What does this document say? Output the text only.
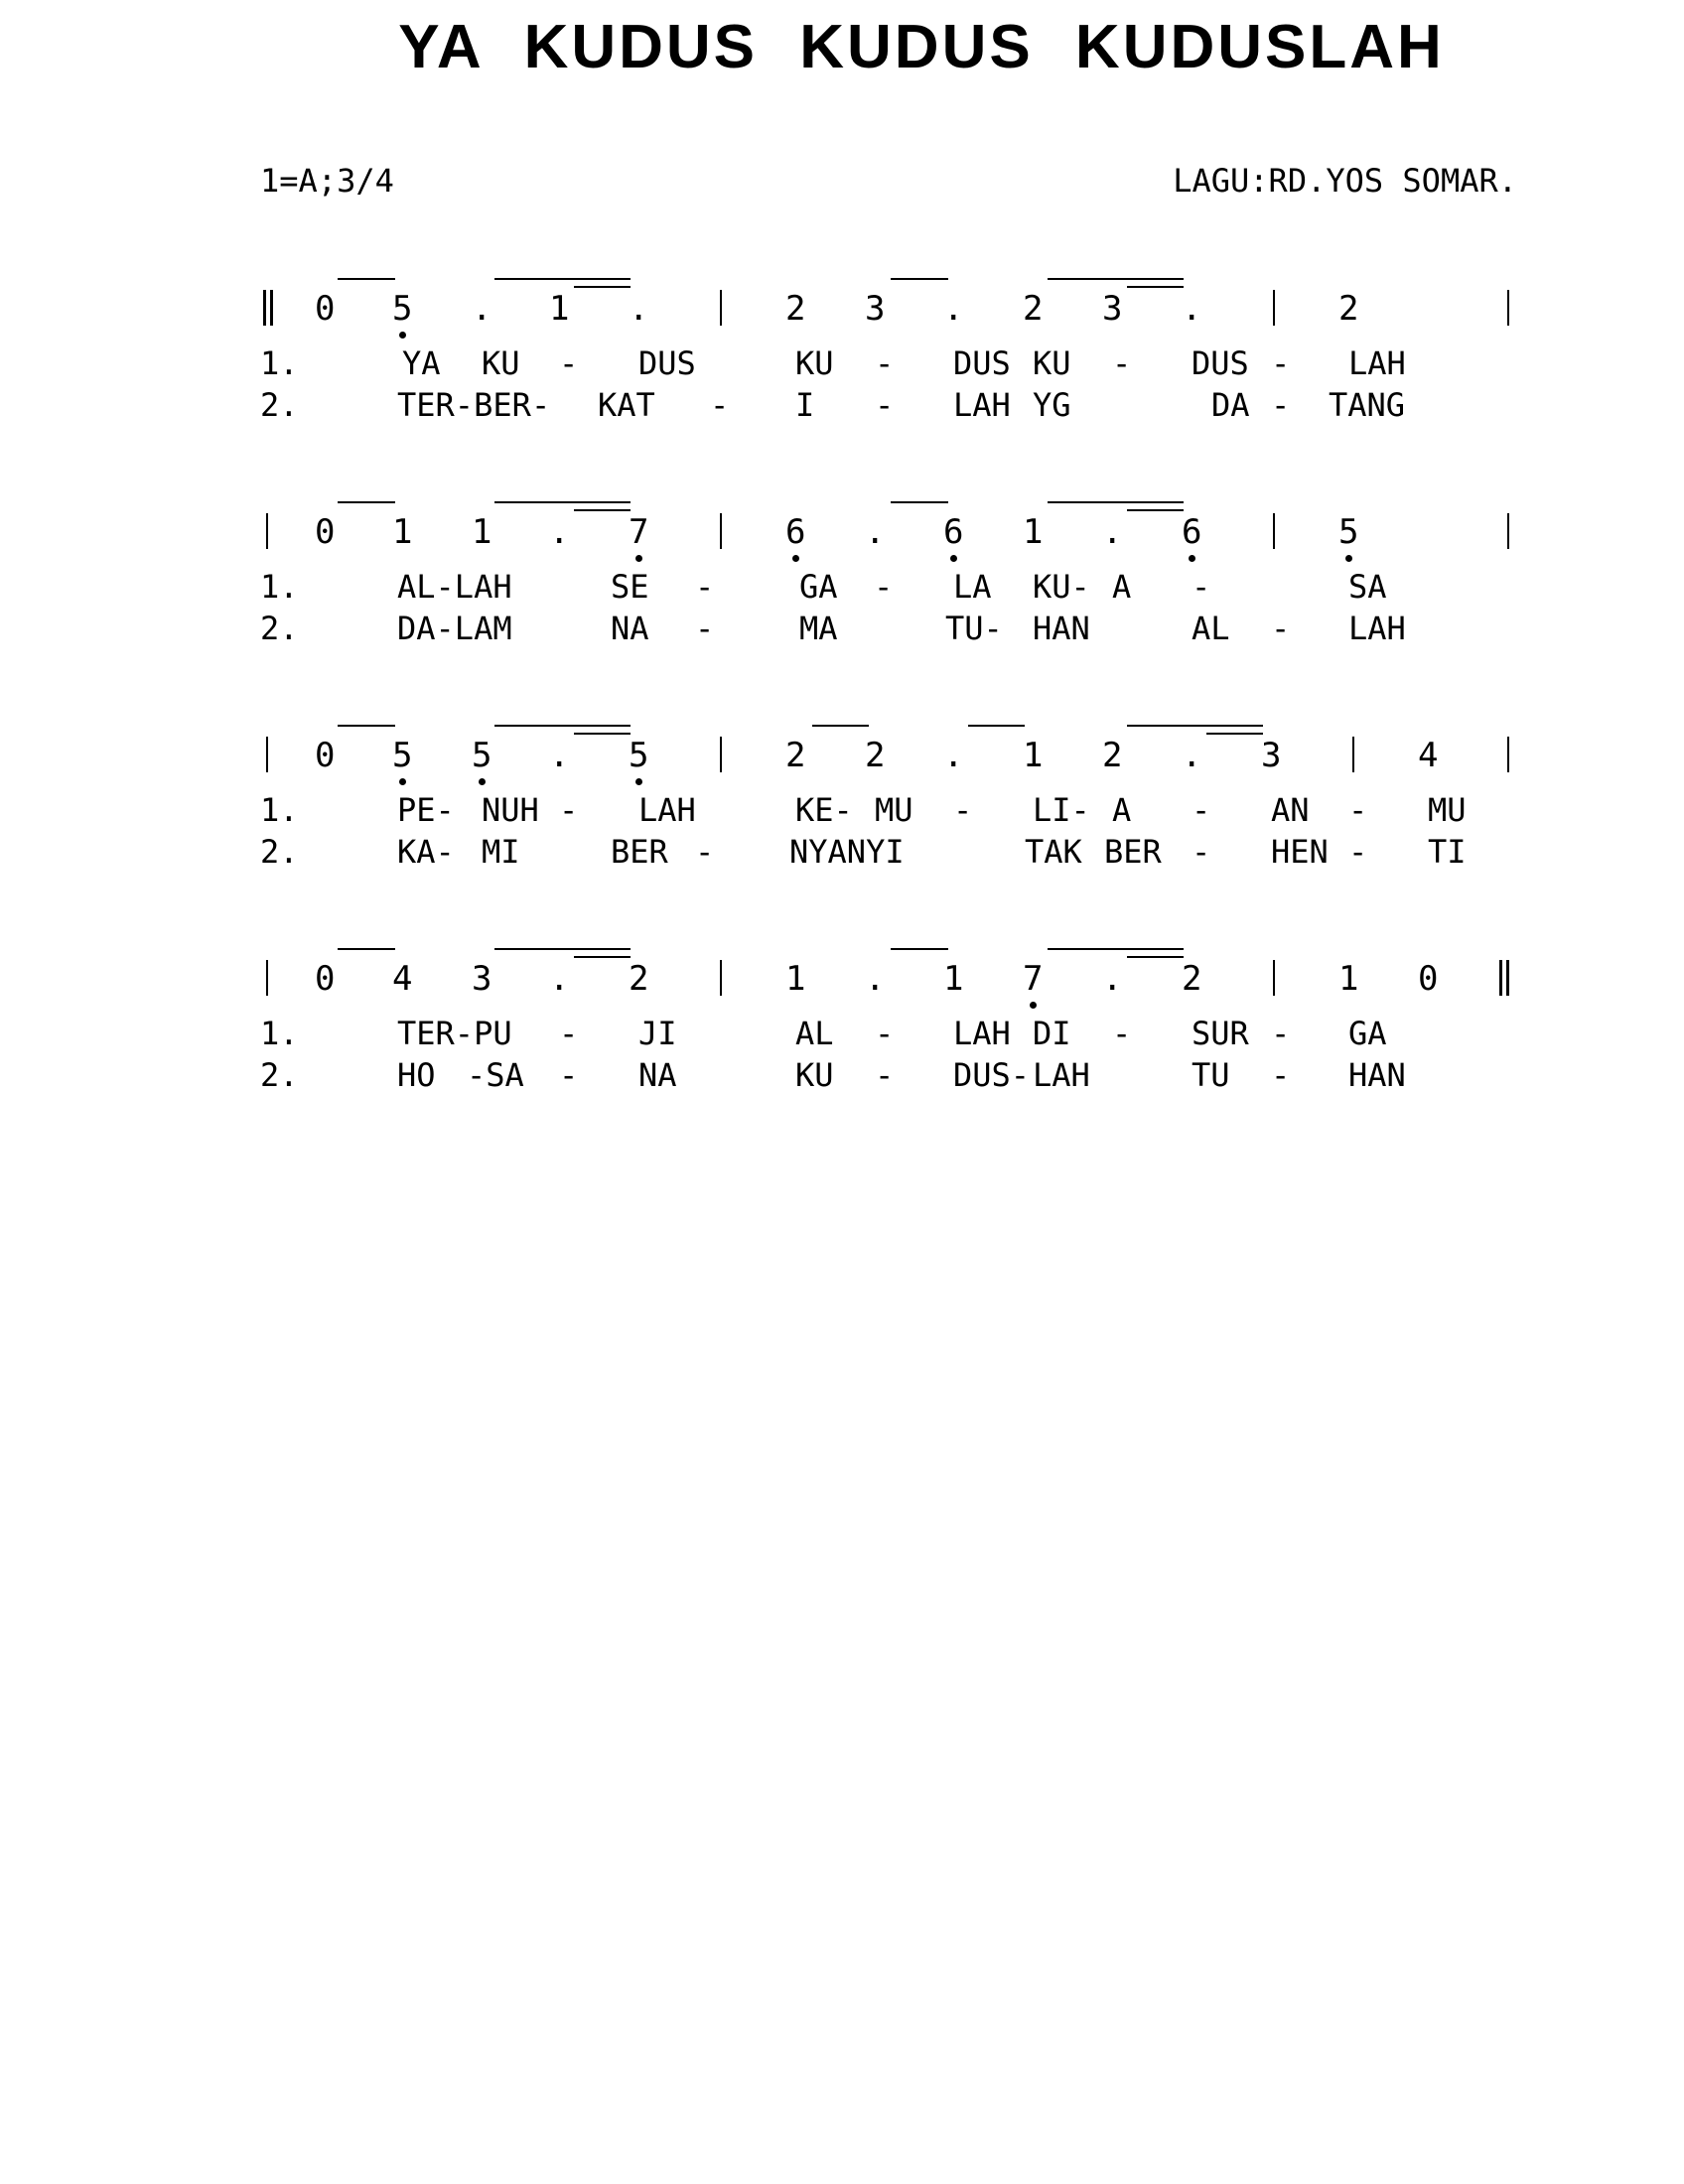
YA KUDUS KUDUS KUDUSLAH
1=A;3/4	LAGU:RD.YOS SOMAR.
0 5 . 1 .	2 3 . 2 3 .	2
1.	YA KU - DUS	KU - DUS KU - DUS - LAH
2.	TER-BER - KAT - I - LAH YG	DA - TANG
0 1 1 . 7	6 . 6 1 . 6	5
1.	AL-LAH	SE -	GA - LA KU- A -	SA
2.	DA-LAM	NA -	MA	TU- HAN	AL - LAH
0 5 5 . 5	2 2 . 1 2 . 3	4
1.	PE- NUH - LAH	KE- MU - LI- A - AN - MU
2.	KA- MI	BER - NYANYI	TAK BER - HEN - TI
0 4 3 . 2	1 . 1 7 . 2	1 0
1.	TER-PU - JI	AL - LAH DI - SUR - GA
2.	HO -SA - NA	KU - DUS- LAH	TU - HAN
